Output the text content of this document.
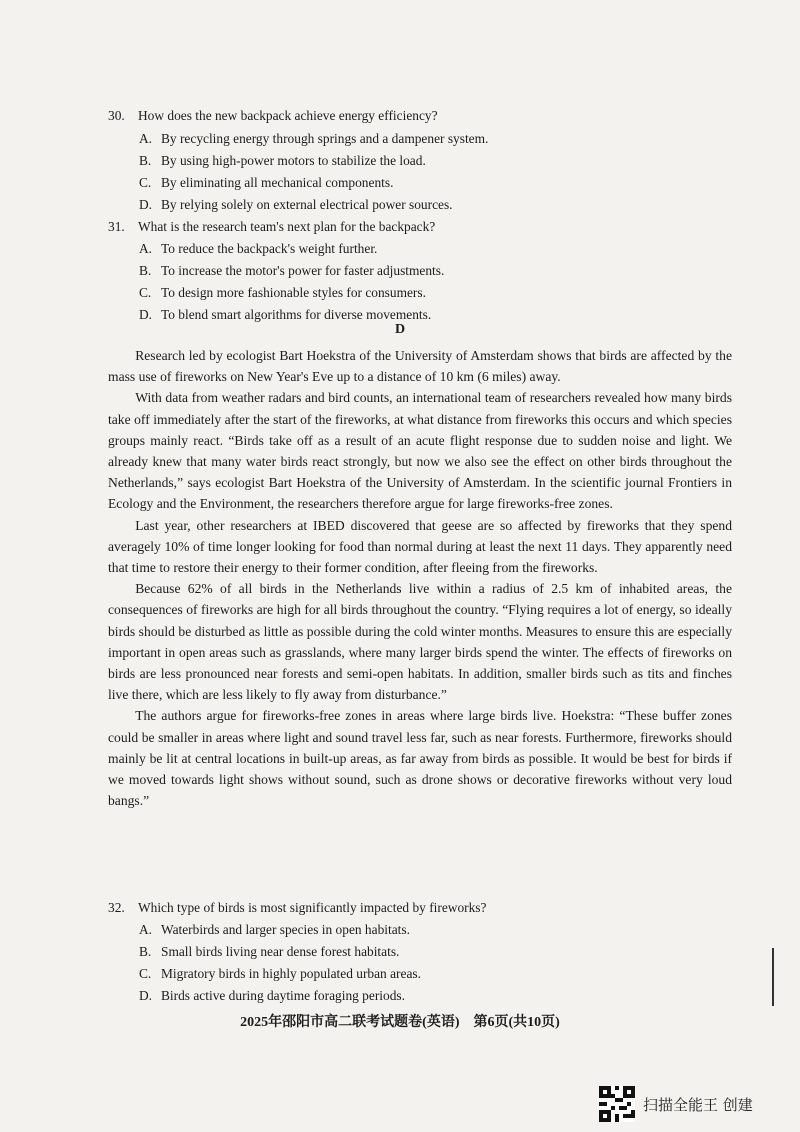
30. How does the new backpack achieve energy efficiency?
A. By recycling energy through springs and a dampener system.
B. By using high-power motors to stabilize the load.
C. By eliminating all mechanical components.
D. By relying solely on external electrical power sources.
31. What is the research team's next plan for the backpack?
A. To reduce the backpack's weight further.
B. To increase the motor's power for faster adjustments.
C. To design more fashionable styles for consumers.
D. To blend smart algorithms for diverse movements.
D

Research led by ecologist Bart Hoekstra of the University of Amsterdam shows that birds are affected by the mass use of fireworks on New Year's Eve up to a distance of 10 km (6 miles) away.

With data from weather radars and bird counts, an international team of researchers revealed how many birds take off immediately after the start of the fireworks, at what distance from fireworks this occurs and which species groups mainly react. “Birds take off as a result of an acute flight response due to sudden noise and light. We already knew that many water birds react strongly, but now we also see the effect on other birds throughout the Netherlands,” says ecologist Bart Hoekstra of the University of Amsterdam. In the scientific journal Frontiers in Ecology and the Environment, the researchers therefore argue for large fireworks-free zones.

Last year, other researchers at IBED discovered that geese are so affected by fireworks that they spend averagely 10% of time longer looking for food than normal during at least the next 11 days. They apparently need that time to restore their energy to their former condition, after fleeing from the fireworks.

Because 62% of all birds in the Netherlands live within a radius of 2.5 km of inhabited areas, the consequences of fireworks are high for all birds throughout the country. “Flying requires a lot of energy, so ideally birds should be disturbed as little as possible during the cold winter months. Measures to ensure this are especially important in open areas such as grasslands, where many larger birds spend the winter. The effects of fireworks on birds are less pronounced near forests and semi-open habitats. In addition, smaller birds such as tits and finches live there, which are less likely to fly away from disturbance.”

The authors argue for fireworks-free zones in areas where large birds live. Hoekstra: “These buffer zones could be smaller in areas where light and sound travel less far, such as near forests. Furthermore, fireworks should mainly be lit at central locations in built-up areas, as far away from birds as possible. It would be best for birds if we moved towards light shows without sound, such as drone shows or decorative fireworks without very loud bangs.”

32. Which type of birds is most significantly impacted by fireworks?
A. Waterbirds and larger species in open habitats.
B. Small birds living near dense forest habitats.
C. Migratory birds in highly populated urban areas.
D. Birds active during daytime foraging periods.
2025年邵阳市高二联考试题卷(英语)　第6页(共10页)
扫描全能王 创建
